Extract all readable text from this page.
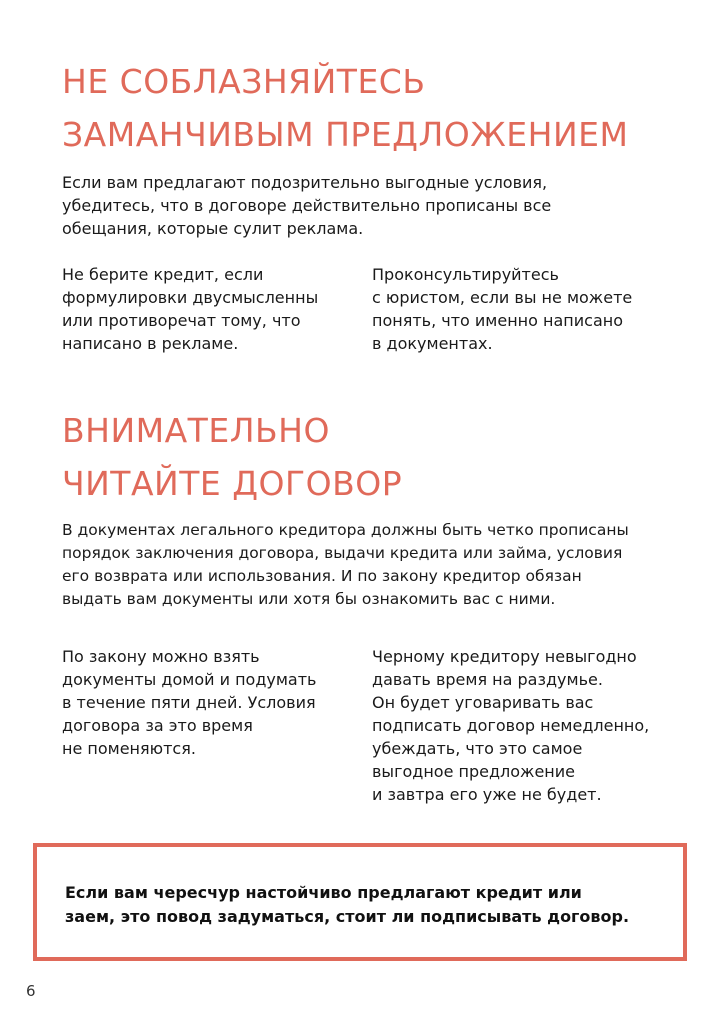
НЕ СОБЛАЗНЯЙТЕСЬ
ЗАМАНЧИВЫМ ПРЕДЛОЖЕНИЕМ

Если вам предлагают подозрительно выгодные условия,
убедитесь, что в договоре действительно прописаны все
обещания, которые сулит реклама.

Не берите кредит, если
формулировки двусмысленны
или противоречат тому, что
написано в рекламе.

Проконсультируйтесь
с юристом, если вы не можете
понять, что именно написано
в документах.

ВНИМАТЕЛЬНО
ЧИТАЙТЕ ДОГОВОР

В документах легального кредитора должны быть четко прописаны
порядок заключения договора, выдачи кредита или займа, условия
его возврата или использования. И по закону кредитор обязан
выдать вам документы или хотя бы ознакомить вас с ними.

По закону можно взять
документы домой и подумать
в течение пяти дней. Условия
договора за это время
не поменяются.

Черному кредитору невыгодно
давать время на раздумье.
Он будет уговаривать вас
подписать договор немедленно,
убеждать, что это самое
выгодное предложение
и завтра его уже не будет.

Если вам чересчур настойчиво предлагают кредит или
заем, это повод задуматься, стоит ли подписывать договор.

6
